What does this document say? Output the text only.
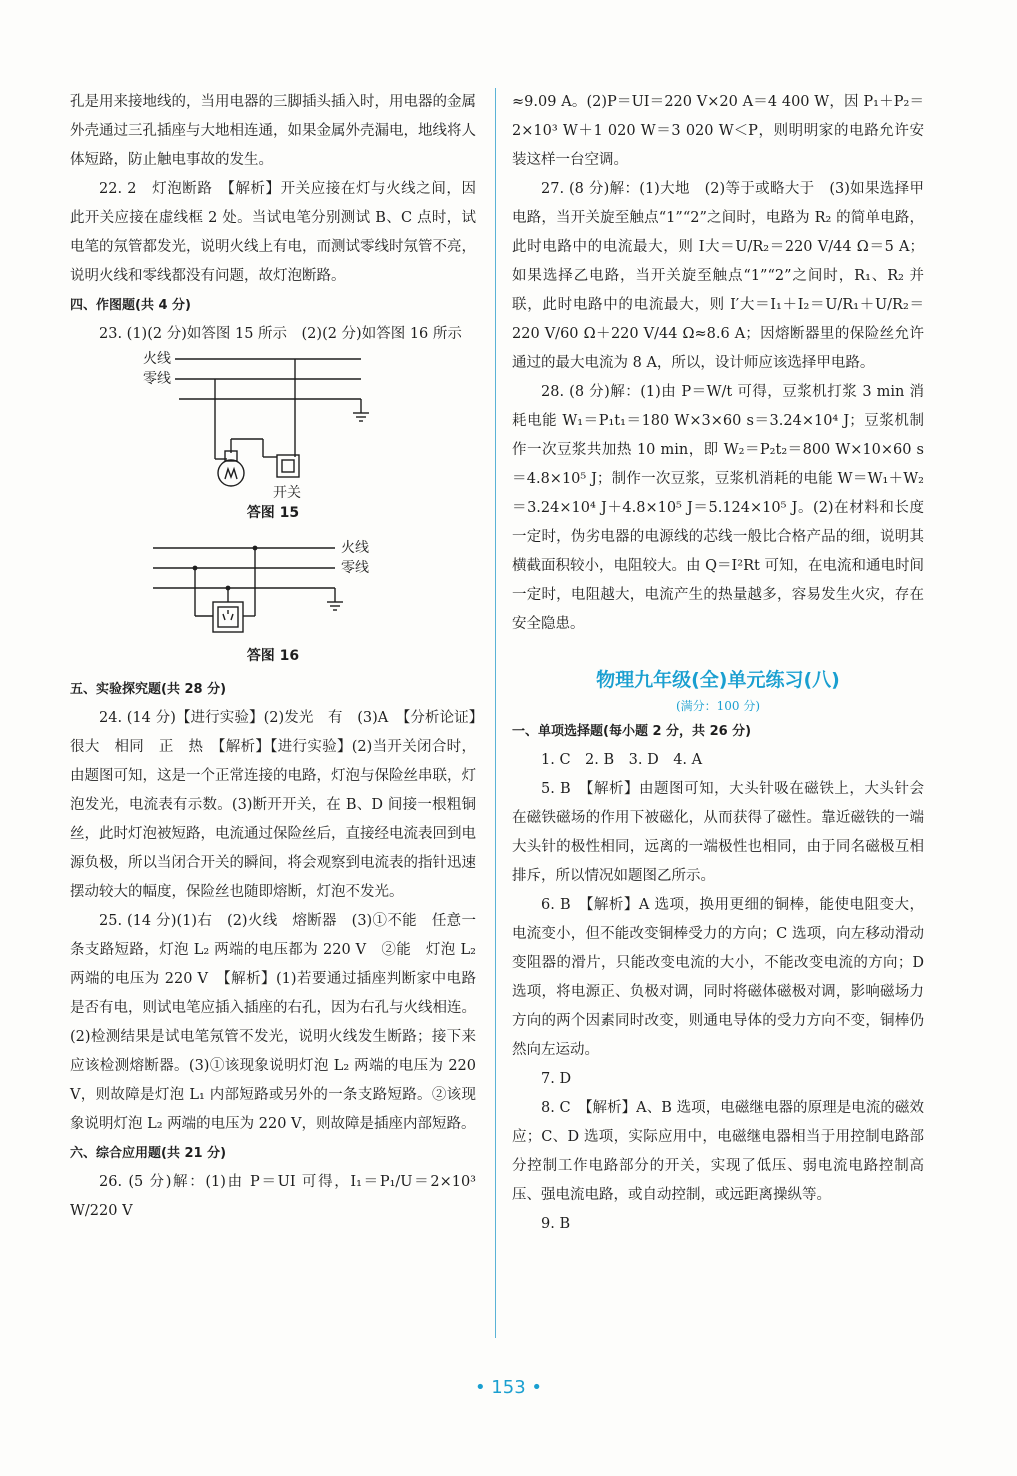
孔是用来接地线的，当用电器的三脚插头插入时，用电器的金属外壳通过三孔插座与大地相连通，如果金属外壳漏电，地线将人体短路，防止触电事故的发生。

22. 2　灯泡断路　【解析】开关应接在灯与火线之间，因此开关应接在虚线框 2 处。当试电笔分别测试 B、C 点时，试电笔的氖管都发光，说明火线上有电，而测试零线时氖管不亮，说明火线和零线都没有问题，故灯泡断路。

四、作图题(共 4 分)

23. (1)(2 分)如答图 15 所示　(2)(2 分)如答图 16 所示

火线
零线
开关

答图 15

火线
零线

答图 16

五、实验探究题(共 28 分)

24. (14 分)【进行实验】(2)发光　有　(3)A　【分析论证】很大　相同　正　热　【解析】【进行实验】(2)当开关闭合时，由题图可知，这是一个正常连接的电路，灯泡与保险丝串联，灯泡发光，电流表有示数。(3)断开开关，在 B、D 间接一根粗铜丝，此时灯泡被短路，电流通过保险丝后，直接经电流表回到电源负极，所以当闭合开关的瞬间，将会观察到电流表的指针迅速摆动较大的幅度，保险丝也随即熔断，灯泡不发光。

25. (14 分)(1)右　(2)火线　熔断器　(3)①不能　任意一条支路短路，灯泡 L₂ 两端的电压都为 220 V　②能　灯泡 L₂ 两端的电压为 220 V　【解析】(1)若要通过插座判断家中电路是否有电，则试电笔应插入插座的右孔，因为右孔与火线相连。(2)检测结果是试电笔氖管不发光，说明火线发生断路；接下来应该检测熔断器。(3)①该现象说明灯泡 L₂ 两端的电压为 220 V，则故障是灯泡 L₁ 内部短路或另外的一条支路短路。②该现象说明灯泡 L₂ 两端的电压为 220 V，则故障是插座内部短路。

六、综合应用题(共 21 分)

26. (5 分)解：(1)由 P＝UI 可得，I₁＝P₁/U＝2×10³ W/220 V

≈9.09 A。(2)P＝UI＝220 V×20 A＝4 400 W，因 P₁＋P₂＝2×10³ W＋1 020 W＝3 020 W＜P，则明明家的电路允许安装这样一台空调。

27. (8 分)解：(1)大地　(2)等于或略大于　(3)如果选择甲电路，当开关旋至触点“1”“2”之间时，电路为 R₂ 的简单电路，此时电路中的电流最大，则 I大＝U/R₂＝220 V/44 Ω＝5 A；如果选择乙电路，当开关旋至触点“1”“2”之间时，R₁、R₂ 并联，此时电路中的电流最大，则 I′大＝I₁＋I₂＝U/R₁＋U/R₂＝220 V/60 Ω＋220 V/44 Ω≈8.6 A；因熔断器里的保险丝允许通过的最大电流为 8 A，所以，设计师应该选择甲电路。

28. (8 分)解：(1)由 P＝W/t 可得，豆浆机打浆 3 min 消耗电能 W₁＝P₁t₁＝180 W×3×60 s＝3.24×10⁴ J；豆浆机制作一次豆浆共加热 10 min，即 W₂＝P₂t₂＝800 W×10×60 s＝4.8×10⁵ J；制作一次豆浆，豆浆机消耗的电能 W＝W₁＋W₂＝3.24×10⁴ J＋4.8×10⁵ J＝5.124×10⁵ J。(2)在材料和长度一定时，伪劣电器的电源线的芯线一般比合格产品的细，说明其横截面积较小，电阻较大。由 Q＝I²Rt 可知，在电流和通电时间一定时，电阻越大，电流产生的热量越多，容易发生火灾，存在安全隐患。

物理九年级(全)单元练习(八)

(满分：100 分)

一、单项选择题(每小题 2 分，共 26 分)

1. C　2. B　3. D　4. A

5. B　【解析】由题图可知，大头针吸在磁铁上，大头针会在磁铁磁场的作用下被磁化，从而获得了磁性。靠近磁铁的一端大头针的极性相同，远离的一端极性也相同，由于同名磁极互相排斥，所以情况如题图乙所示。

6. B　【解析】A 选项，换用更细的铜棒，能使电阻变大，电流变小，但不能改变铜棒受力的方向；C 选项，向左移动滑动变阻器的滑片，只能改变电流的大小，不能改变电流的方向；D 选项，将电源正、负极对调，同时将磁体磁极对调，影响磁场力方向的两个因素同时改变，则通电导体的受力方向不变，铜棒仍然向左运动。

7. D

8. C　【解析】A、B 选项，电磁继电器的原理是电流的磁效应；C、D 选项，实际应用中，电磁继电器相当于用控制电路部分控制工作电路部分的开关，实现了低压、弱电流电路控制高压、强电流电路，或自动控制，或远距离操纵等。

9. B

• 153 •
